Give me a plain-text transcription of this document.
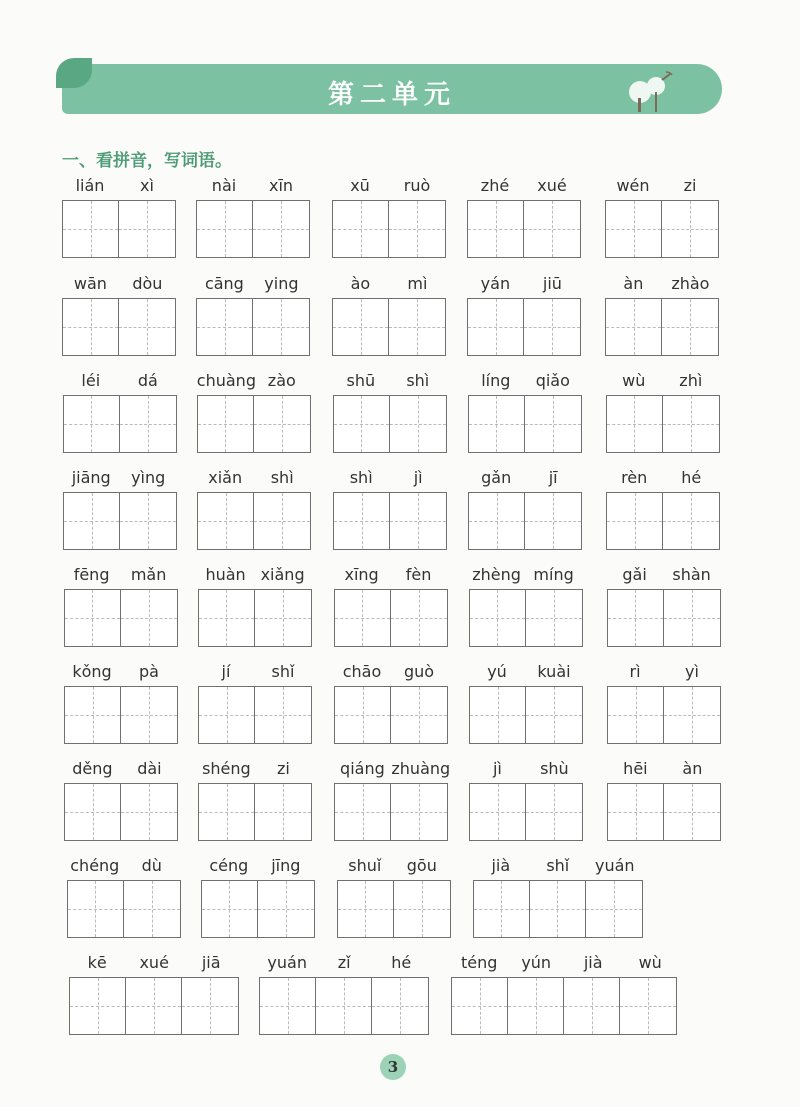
第二单元
一、看拼音，写词语。
lián	xì	nài	xīn	xū	ruò	zhé	xué	wén	zi
wān	dòu	cāng	ying	ào	mì	yán	jiū	àn	zhào
léi	dá	chuàng zào	shū	shì	líng	qiǎo	wù	zhì
jiāng	yìng	xiǎn	shì	shì	jì	gǎn	jī	rèn	hé
fēng	mǎn	huàn xiǎng	xīng	fèn	zhèng míng	gǎi	shàn
kǒng	pà	jí	shǐ	chāo	guò	yú	kuài	rì	yì
děng	dài	shéng	zi	qiáng zhuàng	jì	shù	hēi	àn
chéng	dù	céng	jīng	shuǐ	gōu	jià	shǐ	yuán
kē	xué	jiā	yuán	zǐ	hé	téng	yún	jià	wù
3
